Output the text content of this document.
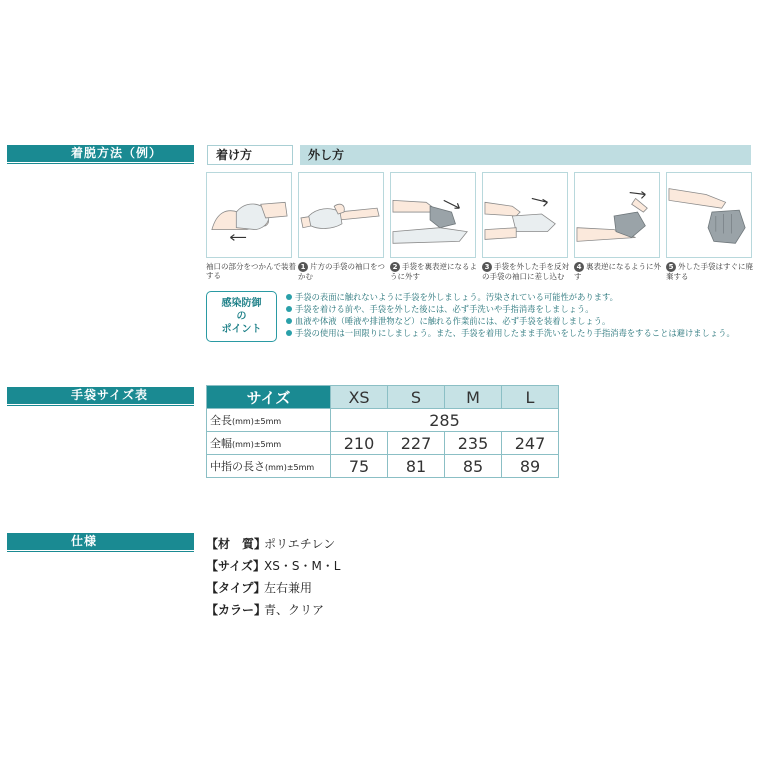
着脱方法（例）	着け方	外し方
袖口の部分をつかんで装着する
1 片方の手袋の袖口をつかむ
2 手袋を裏表逆になるように外す
3 手袋を外した手を反対の手袋の袖口に差し込む
4 裏表逆になるように外す
5 外した手袋はすぐに廃棄する
感染防御
の
ポイント
手袋の表面に触れないように手袋を外しましょう。汚染されている可能性があります。
手袋を着ける前や、手袋を外した後には、必ず手洗いや手指消毒をしましょう。
血液や体液（唾液や排泄物など）に触れる作業前には、必ず手袋を装着しましょう。
手袋の使用は一回限りにしましょう。また、手袋を着用したまま手洗いをしたり手指消毒をすることは避けましょう。
手袋サイズ表	サイズ	XS	S	M	L
全長(mm)±5mm	285			
全幅(mm)±5mm	210	227	235	247
中指の長さ(mm)±5mm	75	81	85	89
仕様	【材　質】
ポリエチレン
【サイズ】
XS・S・M・L
【タイプ】
左右兼用
【カラー】
青、クリア
